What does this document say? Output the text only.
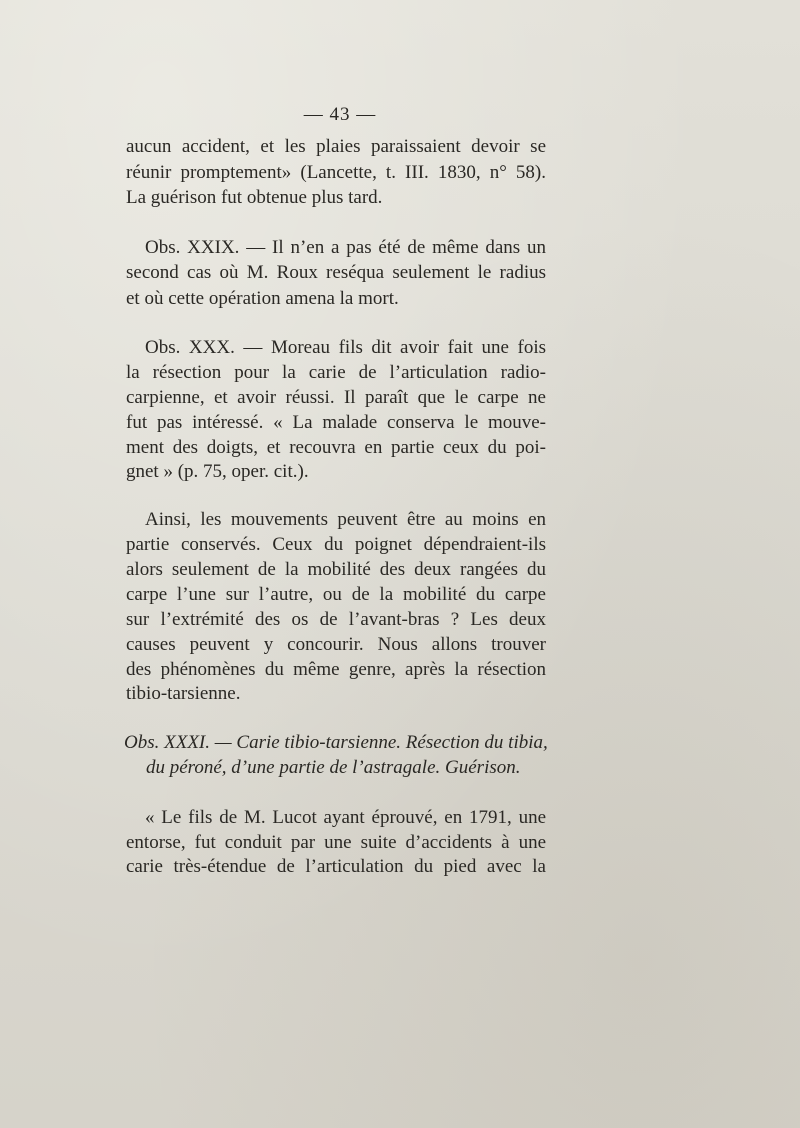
— 43 —
aucun accident, et les plaies paraissaient devoir se
réunir promptement» (Lancette, t. III. 1830, n° 58).
La guérison fut obtenue plus tard.
Obs. XXIX. — Il n’en a pas été de même dans un
second cas où M. Roux reséqua seulement le radius
et où cette opération amena la mort.
Obs. XXX. — Moreau fils dit avoir fait une fois
la résection pour la carie de l’articulation radio-
carpienne, et avoir réussi. Il paraît que le carpe ne
fut pas intéressé. « La malade conserva le mouve-
ment des doigts, et recouvra en partie ceux du poi-
gnet » (p. 75, oper. cit.).
Ainsi, les mouvements peuvent être au moins en
partie conservés. Ceux du poignet dépendraient-ils
alors seulement de la mobilité des deux rangées du
carpe l’une sur l’autre, ou de la mobilité du carpe
sur l’extrémité des os de l’avant-bras ? Les deux
causes peuvent y concourir. Nous allons trouver
des phénomènes du même genre, après la résection
tibio-tarsienne.
Obs. XXXI. — Carie tibio-tarsienne. Résection du tibia,
du péroné, d’une partie de l’astragale. Guérison.
« Le fils de M. Lucot ayant éprouvé, en 1791, une
entorse, fut conduit par une suite d’accidents à une
carie très-étendue de l’articulation du pied avec la
